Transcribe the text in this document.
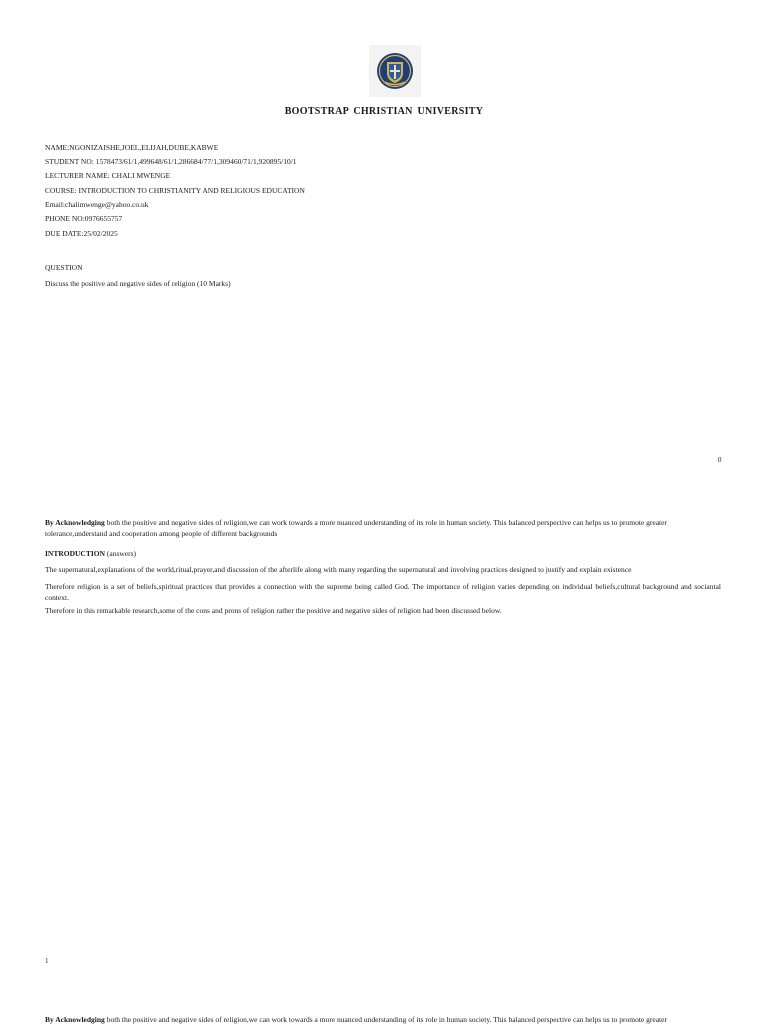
BOOTSTRAP CHRISTIAN UNIVERSITY
NAME:NGONIZAISHE,JOEL,ELIJAH,DUBE,KABWE
STUDENT NO: 1578473/61/1,499648/61/1,286684/77/1,309460/71/1,920895/10/1
LECTURER NAME: CHALI MWENGE
COURSE: INTRODUCTION TO CHRISTIANITY AND RELIGIOUS EDUCATION
Email:chalimwenge@yahoo.co.uk
PHONE NO:0976655757
DUE DATE:25/02/2025
QUESTION
Discuss the positive and negative sides of religion (10 Marks)
0
By Acknowledging both the positive and negative sides of religion,we can work towards a more nuanced understanding of its role in human society. This balanced perspective can helps us to promote greater tolerance,understand and cooperation among people of different backgrounds
INTRODUCTION (answers)
The supernatural,explanations of the world,ritual,prayer,and discussion of the afterlife along with many regarding the supernatural and involving practices designed to justify and explain existence
Therefore religion is a set of beliefs,spiritual practices that provides a connection with the supreme being called God. The importance of religion varies depending on individual beliefs,cultural background and sociantal context.
Therefore in this remarkable research,some of the cons and prons of religion rather the positive and negative sides of religion had been discussed below.
1
By Acknowledging both the positive and negative sides of religion,we can work towards a more nuanced understanding of its role in human society. This balanced perspective can helps us to promote greater
